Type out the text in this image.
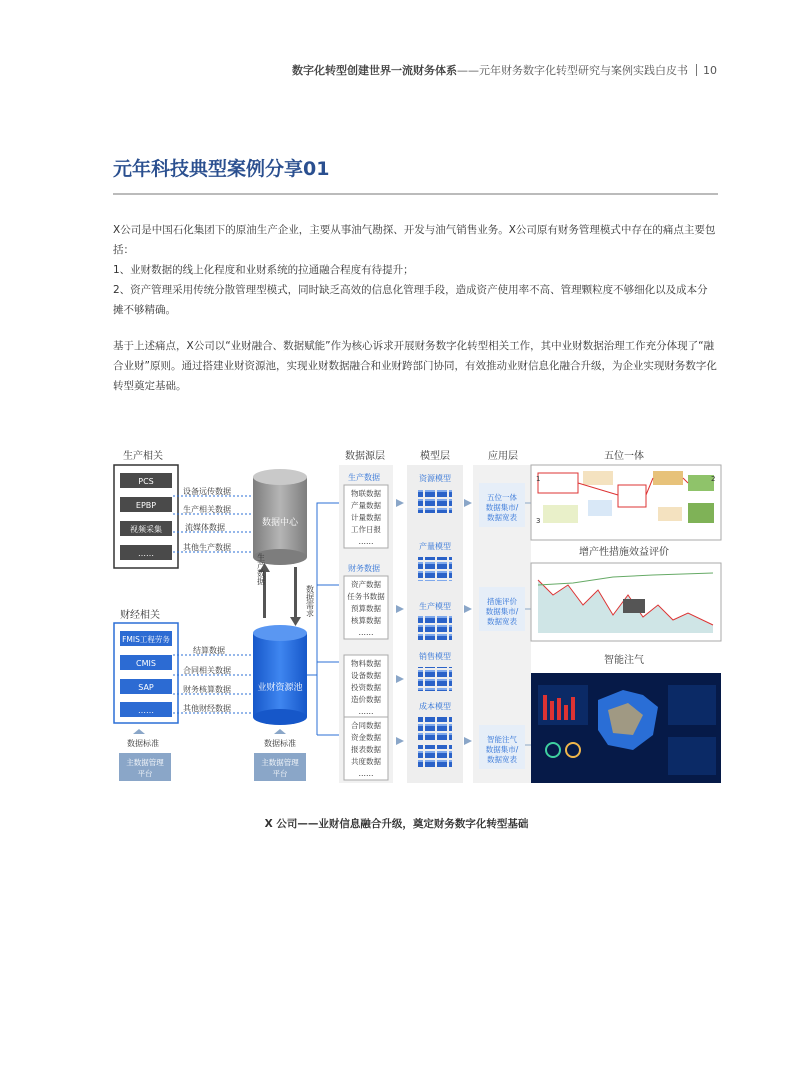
数字化转型创建世界一流财务体系——元年财务数字化转型研究与案例实践白皮书 10
元年科技典型案例分享01

X公司是中国石化集团下的原油生产企业，主要从事油气勘探、开发与油气销售业务。X公司原有财务管理模式中存在的痛点主要包括：

1、业财数据的线上化程度和业财系统的拉通融合程度有待提升；

2、资产管理采用传统分散管理型模式，同时缺乏高效的信息化管理手段，造成资产使用率不高、管理颗粒度不够细化以及成本分摊不够精确。

基于上述痛点，X公司以“业财融合、数据赋能”作为核心诉求开展财务数字化转型相关工作，其中业财数据治理工作充分体现了“融合业财”原则。通过搭建业财资源池，实现业财数据融合和业财跨部门协同，有效推动业财信息化融合升级，为企业实现财务数字化转型奠定基础。

生产相关
PCS
EPBP
视频采集
……
设备远传数据
生产相关数据
流媒体数据
其他生产数据
数据中心
生产数据
数据需求
财经相关
FMIS工程劳务
CMIS
SAP
……
结算数据
合同相关数据
财务核算数据
其他财经数据
业财资源池
数据标准
主数据管理
平台
数据标准
主数据管理
平台
数据源层	模型层	应用层
生产数据
物联数据
产量数据
计量数据
工作日报
……
财务数据
资产数据
任务书数据
预算数据
核算数据
……
物料数据
设备数据
投资数据
造价数据
……
合同数据
资金数据
报表数据
共度数据
……
资源模型
产量模型
生产模型
销售模型
成本模型
五位一体
数据集市/
数据宽表
措施评价
数据集市/
数据宽表
智能注气
数据集市/
数据宽表
五位一体
1	2
3
增产性措施效益评价
智能注气
X 公司——业财信息融合升级，奠定财务数字化转型基础
